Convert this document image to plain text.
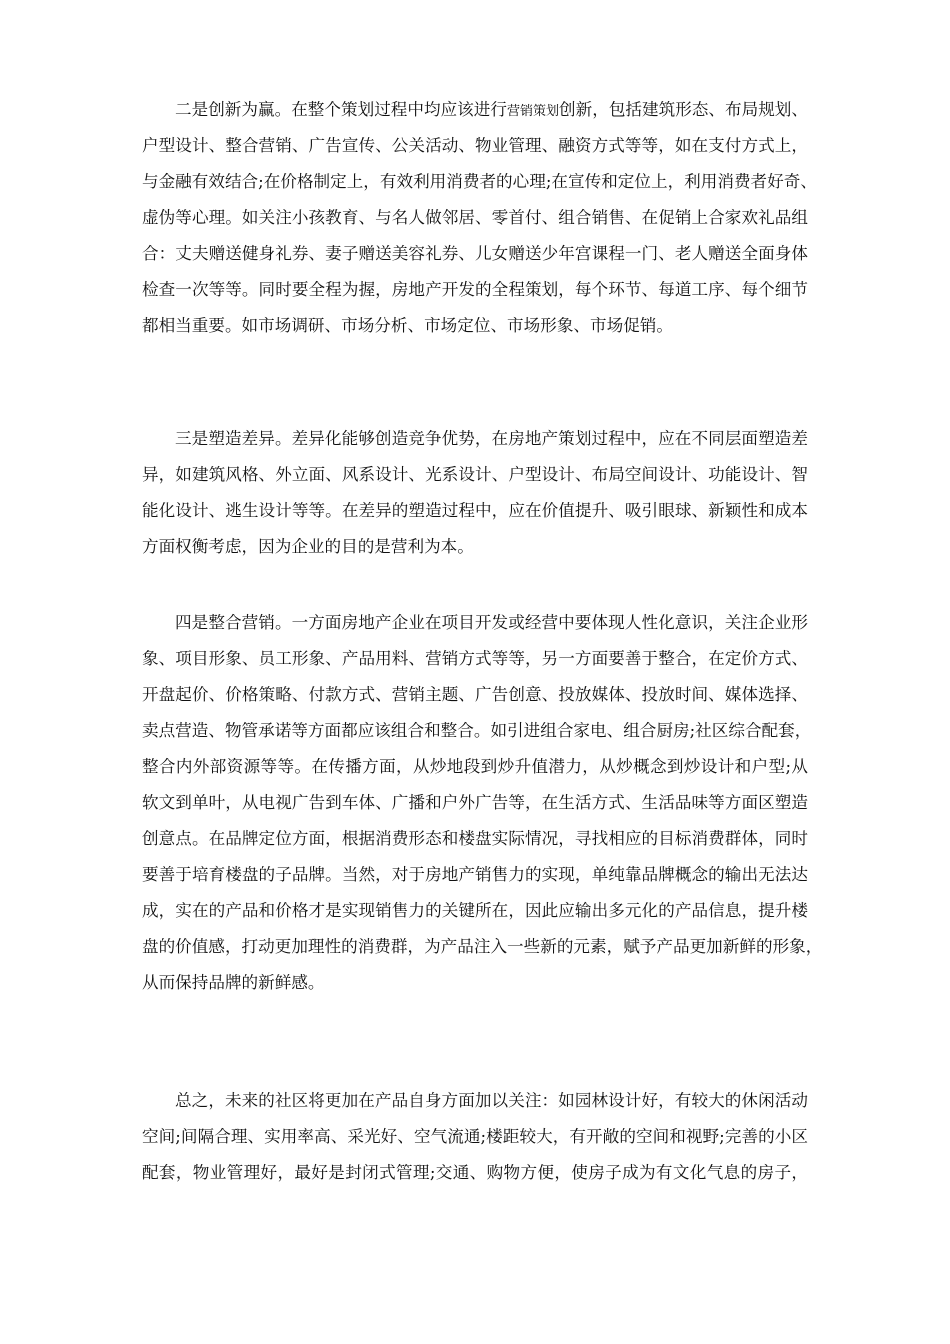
二是创新为赢。在整个策划过程中均应该进行营销策划创新，包括建筑形态、布局规划、
户型设计、整合营销、广告宣传、公关活动、物业管理、融资方式等等，如在支付方式上，
与金融有效结合;在价格制定上，有效利用消费者的心理;在宣传和定位上，利用消费者好奇、
虚伪等心理。如关注小孩教育、与名人做邻居、零首付、组合销售、在促销上合家欢礼品组
合：丈夫赠送健身礼券、妻子赠送美容礼券、儿女赠送少年宫课程一门、老人赠送全面身体
检查一次等等。同时要全程为握，房地产开发的全程策划，每个环节、每道工序、每个细节
都相当重要。如市场调研、市场分析、市场定位、市场形象、市场促销。
三是塑造差异。差异化能够创造竞争优势，在房地产策划过程中，应在不同层面塑造差
异，如建筑风格、外立面、风系设计、光系设计、户型设计、布局空间设计、功能设计、智
能化设计、逃生设计等等。在差异的塑造过程中，应在价值提升、吸引眼球、新颖性和成本
方面权衡考虑，因为企业的目的是营利为本。
四是整合营销。一方面房地产企业在项目开发或经营中要体现人性化意识，关注企业形
象、项目形象、员工形象、产品用料、营销方式等等，另一方面要善于整合，在定价方式、
开盘起价、价格策略、付款方式、营销主题、广告创意、投放媒体、投放时间、媒体选择、
卖点营造、物管承诺等方面都应该组合和整合。如引进组合家电、组合厨房;社区综合配套，
整合内外部资源等等。在传播方面，从炒地段到炒升值潜力，从炒概念到炒设计和户型;从
软文到单叶，从电视广告到车体、广播和户外广告等，在生活方式、生活品味等方面区塑造
创意点。在品牌定位方面，根据消费形态和楼盘实际情况，寻找相应的目标消费群体，同时
要善于培育楼盘的子品牌。当然，对于房地产销售力的实现，单纯靠品牌概念的输出无法达
成，实在的产品和价格才是实现销售力的关键所在，因此应输出多元化的产品信息，提升楼
盘的价值感，打动更加理性的消费群，为产品注入一些新的元素，赋予产品更加新鲜的形象，
从而保持品牌的新鲜感。
总之，未来的社区将更加在产品自身方面加以关注：如园林设计好，有较大的休闲活动
空间;间隔合理、实用率高、采光好、空气流通;楼距较大，有开敞的空间和视野;完善的小区
配套，物业管理好，最好是封闭式管理;交通、购物方便，使房子成为有文化气息的房子，
